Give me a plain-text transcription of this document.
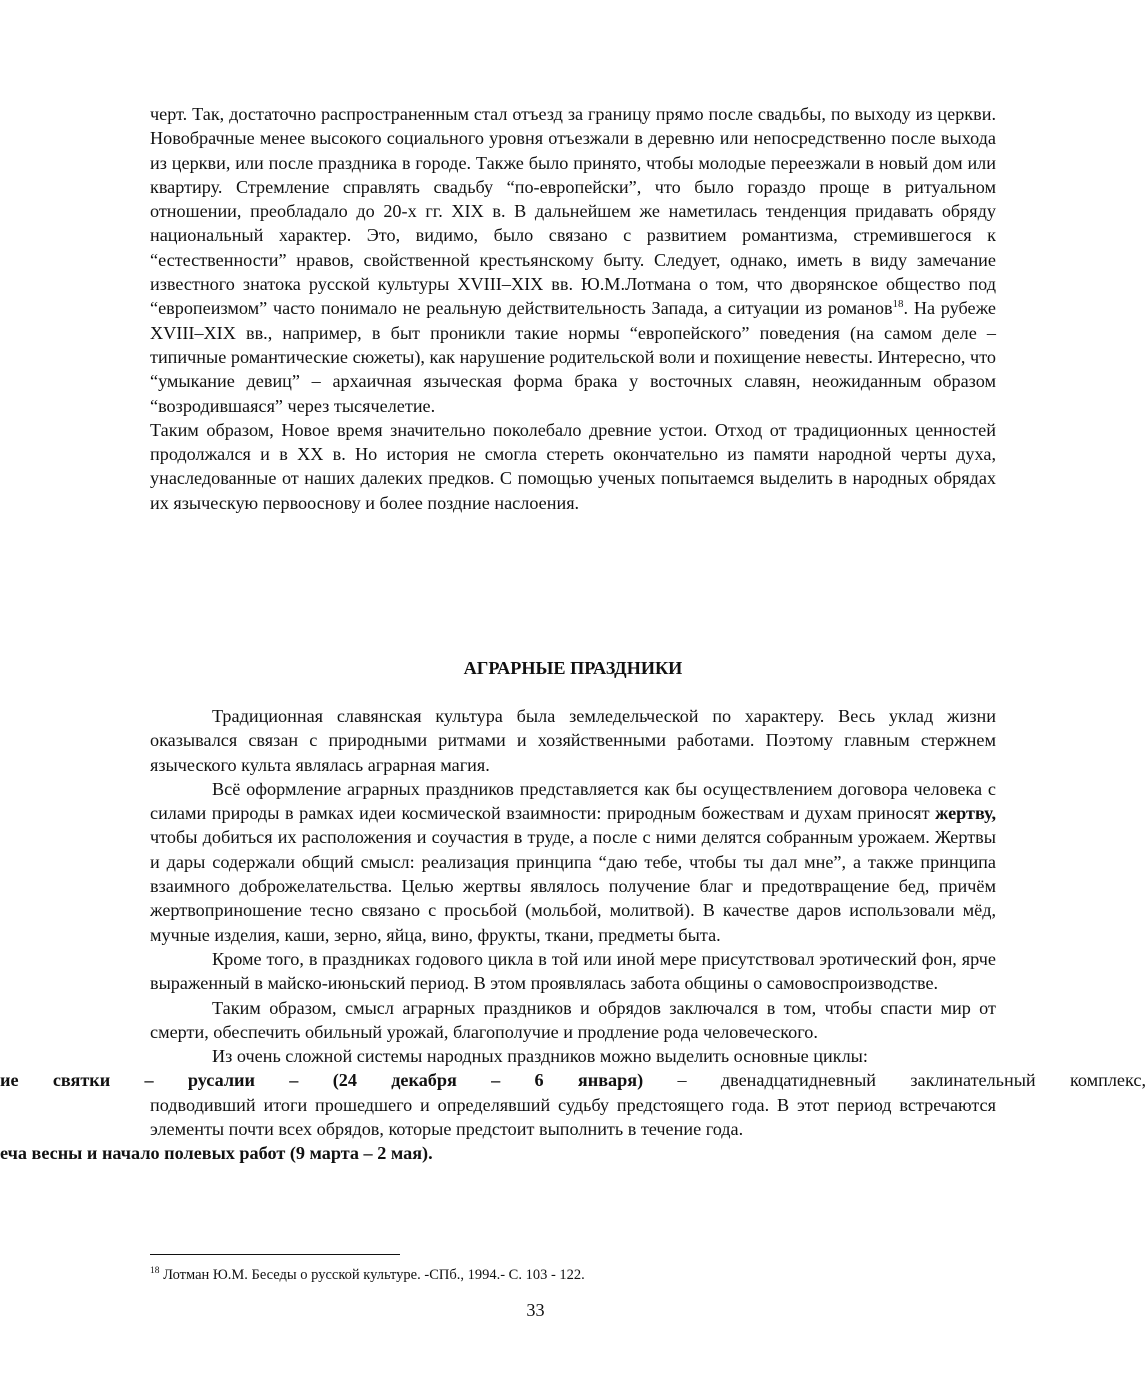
черт. Так, достаточно распространенным стал отъезд за границу прямо после свадьбы, по выходу из церкви. Новобрачные менее высокого социального уровня отъезжали в деревню или непосредственно после выхода из церкви, или после праздника в городе. Также было принято, чтобы молодые переезжали в новый дом или квартиру. Стремление справлять свадьбу “по-европейски”, что было гораздо проще в ритуальном отношении, преобладало до 20-х гг. XIX в. В дальнейшем же наметилась тенденция придавать обряду национальный характер. Это, видимо, было связано с развитием романтизма, стремившегося к “естественности” нравов, свойственной крестьянскому быту. Следует, однако, иметь в виду замечание известного знатока русской культуры XVIII–XIX вв. Ю.М.Лотмана о том, что дворянское общество под “европеизмом” часто понимало не реальную действительность Запада, а ситуации из романов$^{18}$. На рубеже XVIII–XIX вв., например, в быт проникли такие нормы “европейского” поведения (на самом деле – типичные романтические сюжеты), как нарушение родительской воли и похищение невесты. Интересно, что “умыкание девиц” – архаичная языческая форма брака у восточных славян, неожиданным образом “возродившаяся” через тысячелетие.

Таким образом, Новое время значительно поколебало древние устои. Отход от традиционных ценностей продолжался и в XX в. Но история не смогла стереть окончательно из памяти народной черты духа, унаследованные от наших далеких предков. С помощью ученых попытаемся выделить в народных обрядах их языческую первооснову и более поздние наслоения.

АГРАРНЫЕ ПРАЗДНИКИ

Традиционная славянская культура была земледельческой по характеру. Весь уклад жизни оказывался связан с природными ритмами и хозяйственными работами. Поэтому главным стержнем языческого культа являлась аграрная магия.

Всё оформление аграрных праздников представляется как бы осуществлением договора человека с силами природы в рамках идеи космической взаимности: природным божествам и духам приносят жертву, чтобы добиться их расположения и соучастия в труде, а после с ними делятся собранным урожаем. Жертвы и дары содержали общий смысл: реализация принципа “даю тебе, чтобы ты дал мне”, а также принципа взаимного доброжелательства. Целью жертвы являлось получение благ и предотвращение бед, причём жертвоприношение тесно связано с просьбой (мольбой, молитвой). В качестве даров использовали мёд, мучные изделия, каши, зерно, яйца, вино, фрукты, ткани, предметы быта.

Кроме того, в праздниках годового цикла в той или иной мере присутствовал эротический фон, ярче выраженный в майско-июньский период. В этом проявлялась забота общины о самовоспроизводстве.

Таким образом, смысл аграрных праздников и обрядов заключался в том, чтобы спасти мир от смерти, обеспечить обильный урожай, благополучие и продление рода человеческого.

Из очень сложной системы народных праздников можно выделить основные циклы:

ие святки – русалии – (24 декабря – 6 января) – двенадцатидневный заклинательный комплекс,

подводивший итоги прошедшего и определявший судьбу предстоящего года. В этот период встречаются элементы почти всех обрядов, которые предстоит выполнить в течение года.

еча весны и начало полевых работ (9 марта – 2 мая).
$^{18}$ Лотман Ю.М. Беседы о русской культуре. -СПб., 1994.- С. 103 - 122.
33
